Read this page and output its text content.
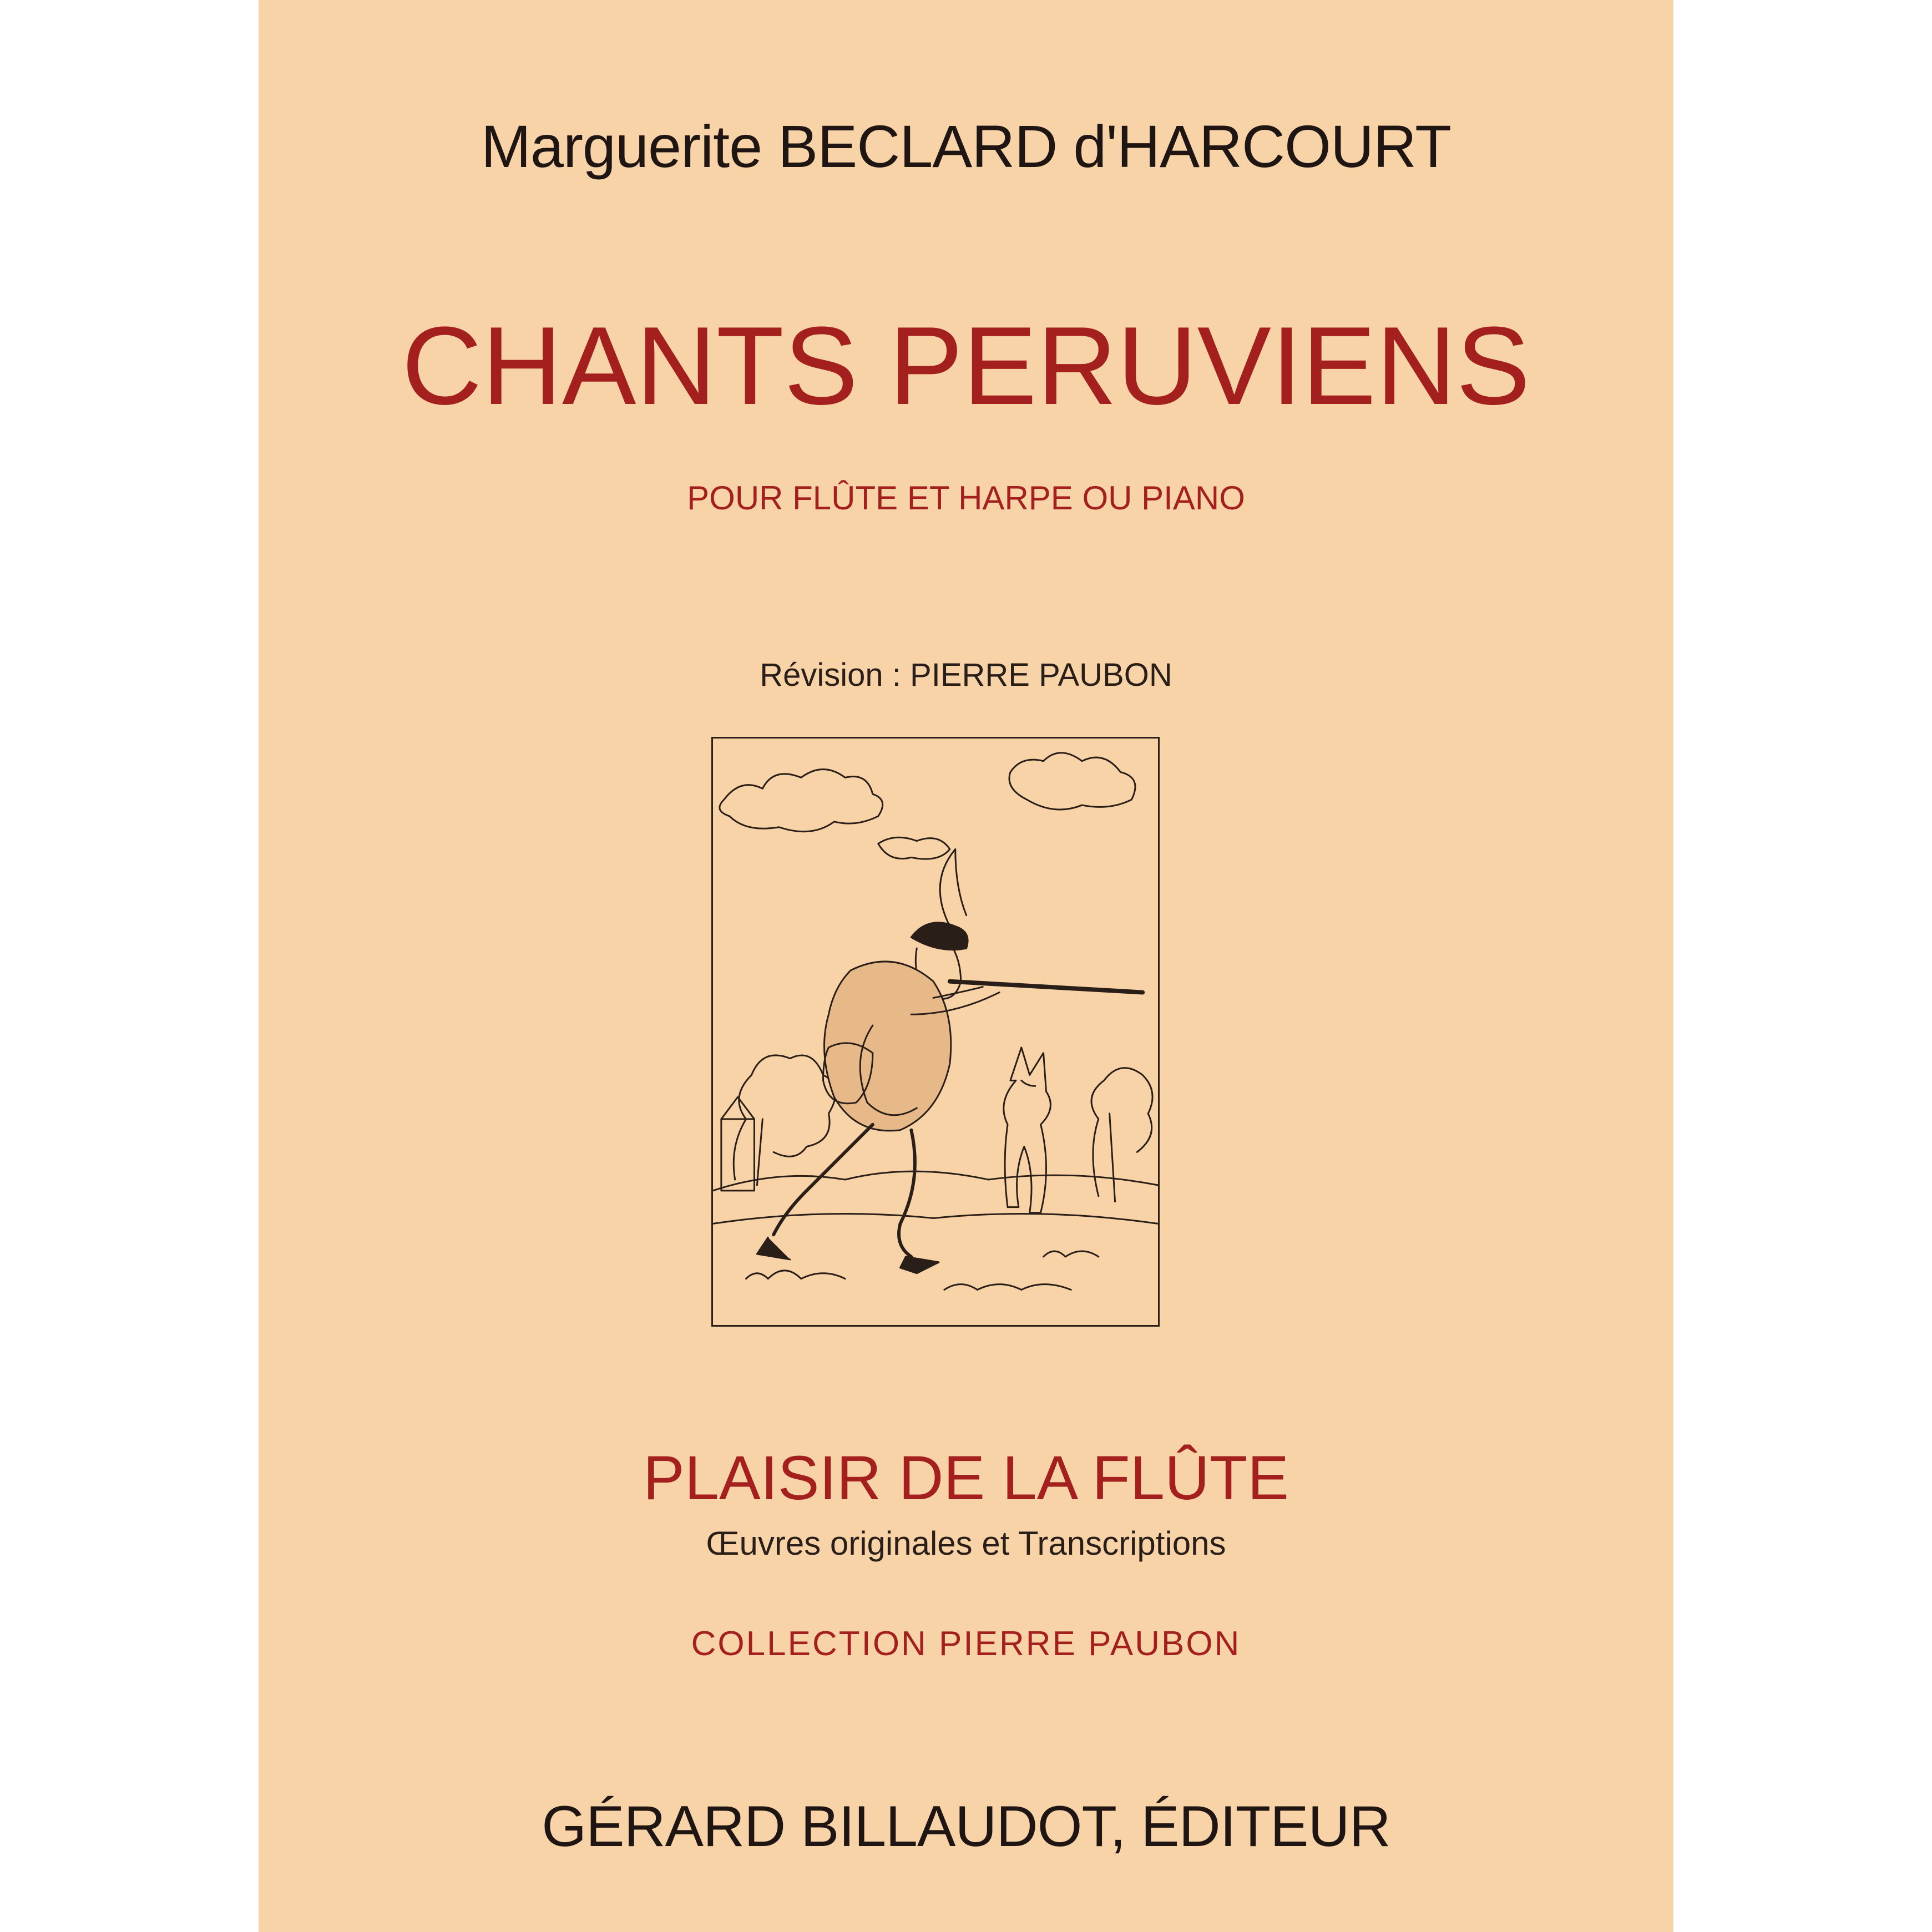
Marguerite BECLARD d'HARCOURT
CHANTS PERUVIENS
POUR FLÛTE ET HARPE OU PIANO
Révision : PIERRE PAUBON
PLAISIR DE LA FLÛTE
Œuvres originales et Transcriptions
COLLECTION PIERRE PAUBON
GÉRARD BILLAUDOT, ÉDITEUR
